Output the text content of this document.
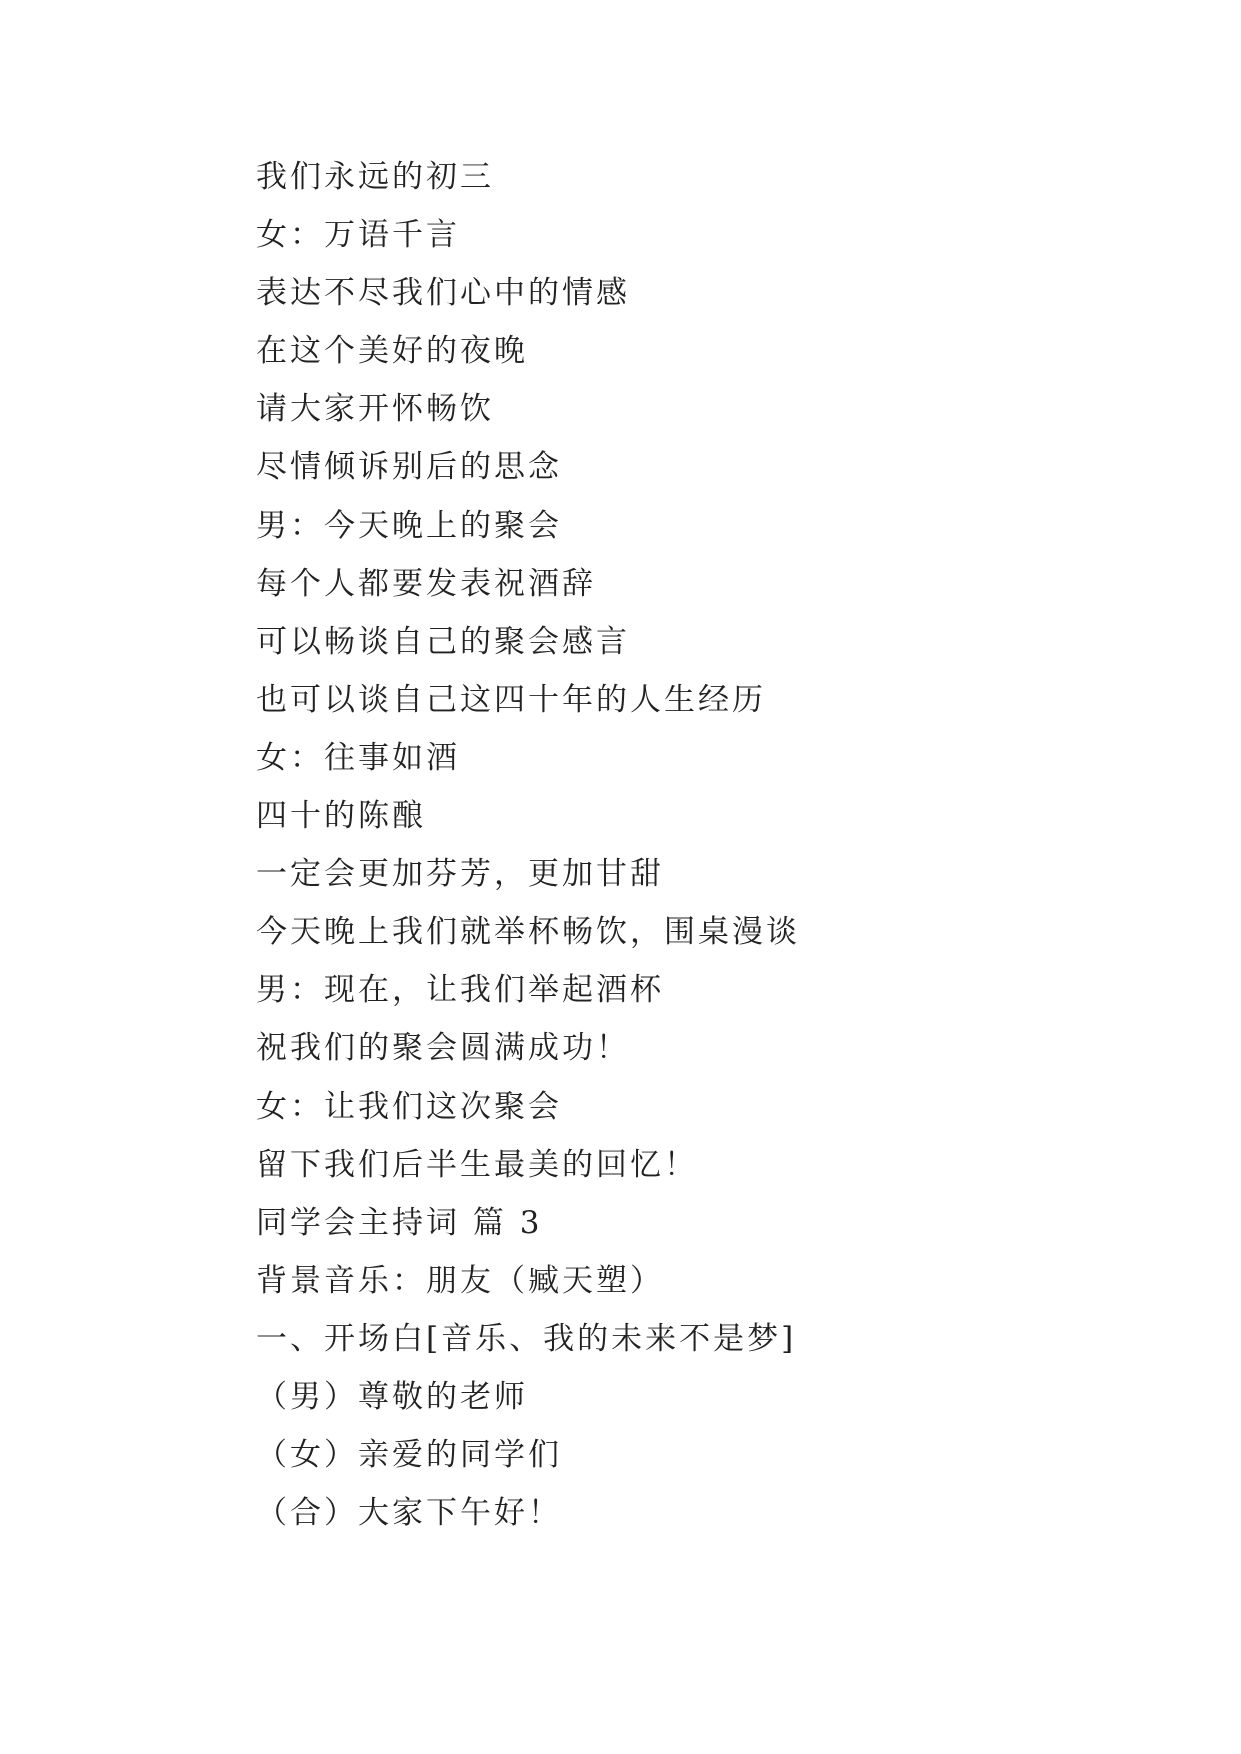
我们永远的初三
女：万语千言
表达不尽我们心中的情感
在这个美好的夜晚
请大家开怀畅饮
尽情倾诉别后的思念
男：今天晚上的聚会
每个人都要发表祝酒辞
可以畅谈自己的聚会感言
也可以谈自己这四十年的人生经历
女：往事如酒
四十的陈酿
一定会更加芬芳，更加甘甜
今天晚上我们就举杯畅饮，围桌漫谈
男：现在，让我们举起酒杯
祝我们的聚会圆满成功！
女：让我们这次聚会
留下我们后半生最美的回忆！
同学会主持词 篇 3
背景音乐：朋友（臧天塑）
一、开场白[音乐、我的未来不是梦]
（男）尊敬的老师
（女）亲爱的同学们
（合）大家下午好！
